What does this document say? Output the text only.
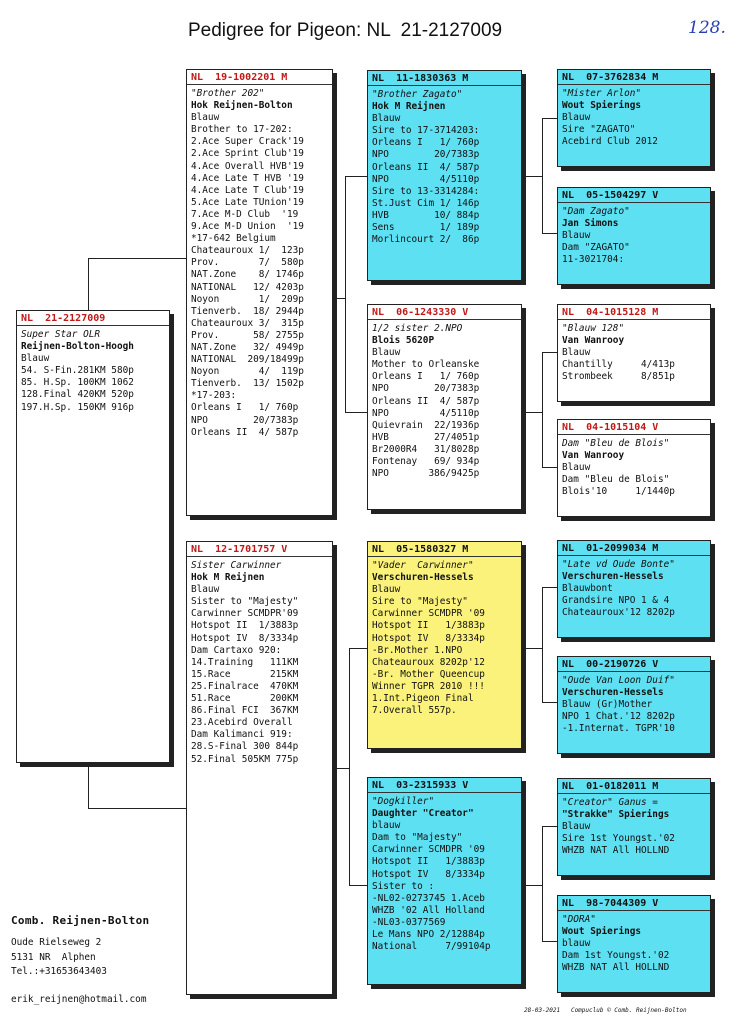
Pedigree for Pigeon: NL  21-2127009	128.
NL  21-2127009
Super Star OLR
Reijnen-Bolton-Hoogh
Blauw
54. S-Fin.281KM 580p
85. H.Sp. 100KM 1062
128.Final 420KM 520p
197.H.Sp. 150KM 916p
NL  19-1002201 M
"Brother 202"
Hok Reijnen-Bolton
Blauw
Brother to 17-202:
2.Ace Super Crack'19
2.Ace Sprint Club'19
4.Ace Overall HVB'19
4.Ace Late T HVB '19
4.Ace Late T Club'19
5.Ace Late TUnion'19
7.Ace M-D Club  '19
9.Ace M-D Union  '19
*17-642 Belgium
Chateauroux 1/  123p
Prov.       7/  580p
NAT.Zone    8/ 1746p
NATIONAL   12/ 4203p
Noyon       1/  209p
Tienverb.  18/ 2944p
Chateauroux 3/  315p
Prov.      58/ 2755p
NAT.Zone   32/ 4949p
NATIONAL  209/18499p
Noyon       4/  119p
Tienverb.  13/ 1502p
*17-203:
Orleans I   1/ 760p
NPO        20/7383p
Orleans II  4/ 587p
NL  12-1701757 V
Sister Carwinner
Hok M Reijnen
Blauw
Sister to "Majesty"
Carwinner SCMDPR'09
Hotspot II  1/3883p
Hotspot IV  8/3334p
Dam Cartaxo 920:
14.Training   111KM
15.Race       215KM
25.Finalrace  470KM
51.Race       200KM
86.Final FCI  367KM
23.Acebird Overall
Dam Kalimanci 919:
28.S-Final 300 844p
52.Final 505KM 775p
NL  11-1830363 M
"Brother Zagato"
Hok M Reijnen
Blauw
Sire to 17-3714203:
Orleans I   1/ 760p
NPO        20/7383p
Orleans II  4/ 587p
NPO         4/5110p
Sire to 13-3314284:
St.Just Cim 1/ 146p
HVB        10/ 884p
Sens        1/ 189p
Morlincourt 2/  86p
NL  06-1243330 V
1/2 sister 2.NPO
Blois 5620P
Blauw
Mother to Orleanske
Orleans I   1/ 760p
NPO        20/7383p
Orleans II  4/ 587p
NPO         4/5110p
Quievrain  22/1936p
HVB        27/4051p
Br2000R4   31/8028p
Fontenay   69/ 934p
NPO       386/9425p
NL  05-1580327 M
"Vader  Carwinner"
Verschuren-Hessels
Blauw
Sire to "Majesty"
Carwinner SCMDPR '09
Hotspot II   1/3883p
Hotspot IV   8/3334p
-Br.Mother 1.NPO
Chateauroux 8202p'12
-Br. Mother Queencup
Winner TGPR 2010 !!!
1.Int.Pigeon Final
7.Overall 557p.
NL  03-2315933 V
"Dogkiller"
Daughter "Creator"
blauw
Dam to "Majesty"
Carwinner SCMDPR '09
Hotspot II   1/3883p
Hotspot IV   8/3334p
Sister to :
-NL02-0273745 1.Aceb
WHZB '02 All Holland
-NL03-0377569
Le Mans NPO 2/12884p
National     7/99104p
NL  07-3762834 M
"Mister Arlon"
Wout Spierings
Blauw
Sire "ZAGATO"
Acebird Club 2012
NL  05-1504297 V
"Dam Zagato"
Jan Simons
Blauw
Dam "ZAGATO"
11-3021704:
NL  04-1015128 M
"Blauw 128"
Van Wanrooy
Blauw
Chantilly     4/413p
Strombeek     8/851p
NL  04-1015104 V
Dam "Bleu de Blois"
Van Wanrooy
Blauw
Dam "Bleu de Blois"
Blois'10     1/1440p
NL  01-2099034 M
"Late vd Oude Bonte"
Verschuren-Hessels
Blauwbont
Grandsire NPO 1 & 4
Chateauroux'12 8202p
NL  00-2190726 V
"Oude Van Loon Duif"
Verschuren-Hessels
Blauw (Gr)Mother
NPO 1 Chat.'12 8202p
-1.Internat. TGPR'10
NL  01-0182011 M
"Creator" Ganus =
"Strakke" Spierings
Blauw
Sire 1st Youngst.'02
WHZB NAT All HOLLND
NL  98-7044309 V
"DORA"
Wout Spierings
blauw
Dam 1st Youngst.'02
WHZB NAT All HOLLND
Comb. Reijnen-Bolton
Oude Rielseweg 2
5131 NR  Alphen
Tel.:+31653643403
erik_reijnen@hotmail.com
28-03-2021   Compuclub © Comb. Reijnen-Bolton
